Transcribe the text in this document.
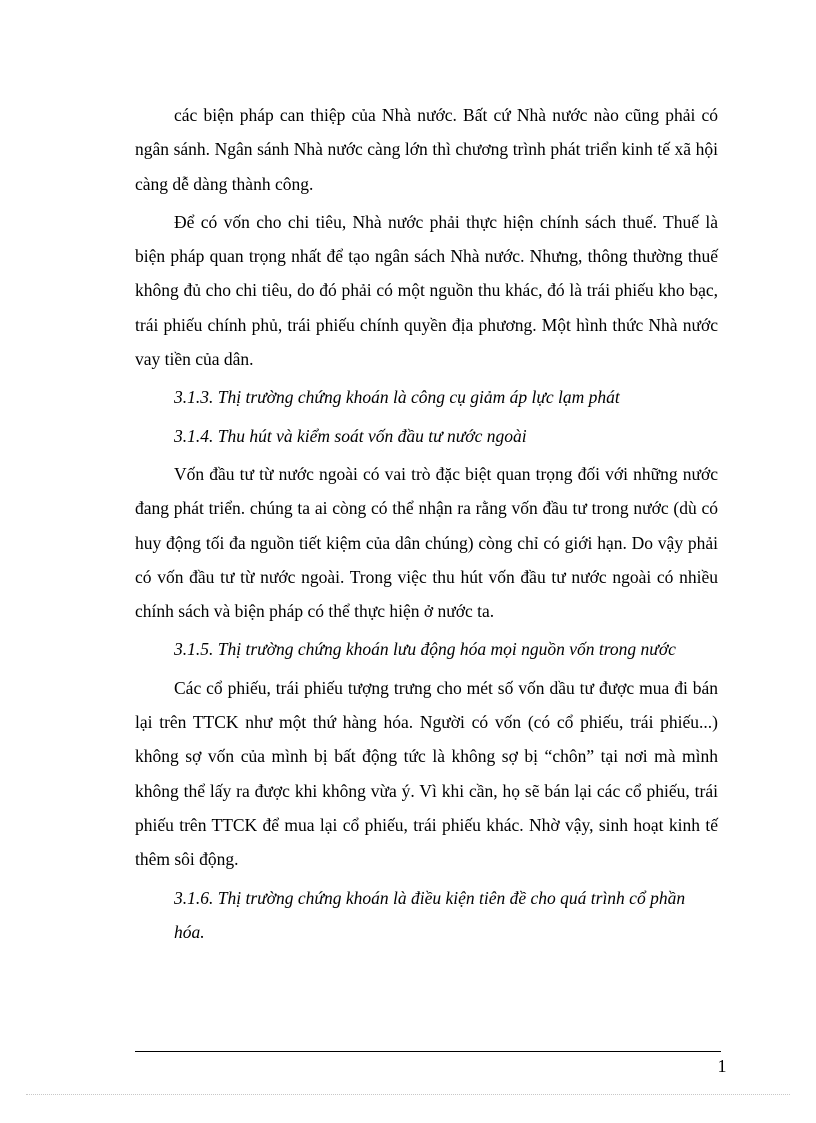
các biện pháp can thiệp của Nhà nước. Bất cứ Nhà nước nào cũng phải có ngân sánh. Ngân sánh Nhà nước càng lớn thì chương trình phát triển kinh tế xã hội càng dễ dàng thành công.

Để có vốn cho chi tiêu, Nhà nước phải thực hiện chính sách thuế. Thuế là biện pháp quan trọng nhất để tạo ngân sách Nhà nước. Nhưng, thông thường thuế không đủ cho chi tiêu, do đó phải có một nguồn thu khác, đó là trái phiếu kho bạc, trái phiếu chính phủ, trái phiếu chính quyền địa phương. Một hình thức Nhà nước vay tiền của dân.

3.1.3. Thị trường chứng khoán là công cụ giảm áp lực lạm phát

3.1.4. Thu hút và kiểm soát vốn đầu tư nước ngoài

Vốn đầu tư từ nước ngoài có vai trò đặc biệt quan trọng đối với những nước đang phát triển. chúng ta ai còng có thể nhận ra rằng vốn đầu tư trong nước (dù có huy động tối đa nguồn tiết kiệm của dân chúng) còng chỉ có giới hạn. Do vậy phải có vốn đầu tư từ nước ngoài. Trong việc thu hút vốn đầu tư nước ngoài có nhiều chính sách và biện pháp có thể thực hiện ở nước ta.

3.1.5. Thị trường chứng khoán lưu động hóa mọi nguồn vốn trong nước

Các cổ phiếu, trái phiếu tượng trưng cho mét số vốn dầu tư được mua đi bán lại trên TTCK như một thứ hàng hóa. Người có vốn (có cổ phiếu, trái phiếu...) không sợ vốn của mình bị bất động tức là không sợ bị “chôn” tại nơi mà mình không thể lấy ra được khi không vừa ý. Vì khi cần, họ sẽ bán lại các cổ phiếu, trái phiếu trên TTCK để mua lại cổ phiếu, trái phiếu khác. Nhờ vậy, sinh hoạt kinh tế thêm sôi động.

3.1.6. Thị trường chứng khoán là điều kiện tiên đề cho quá trình cổ phần hóa.

1
